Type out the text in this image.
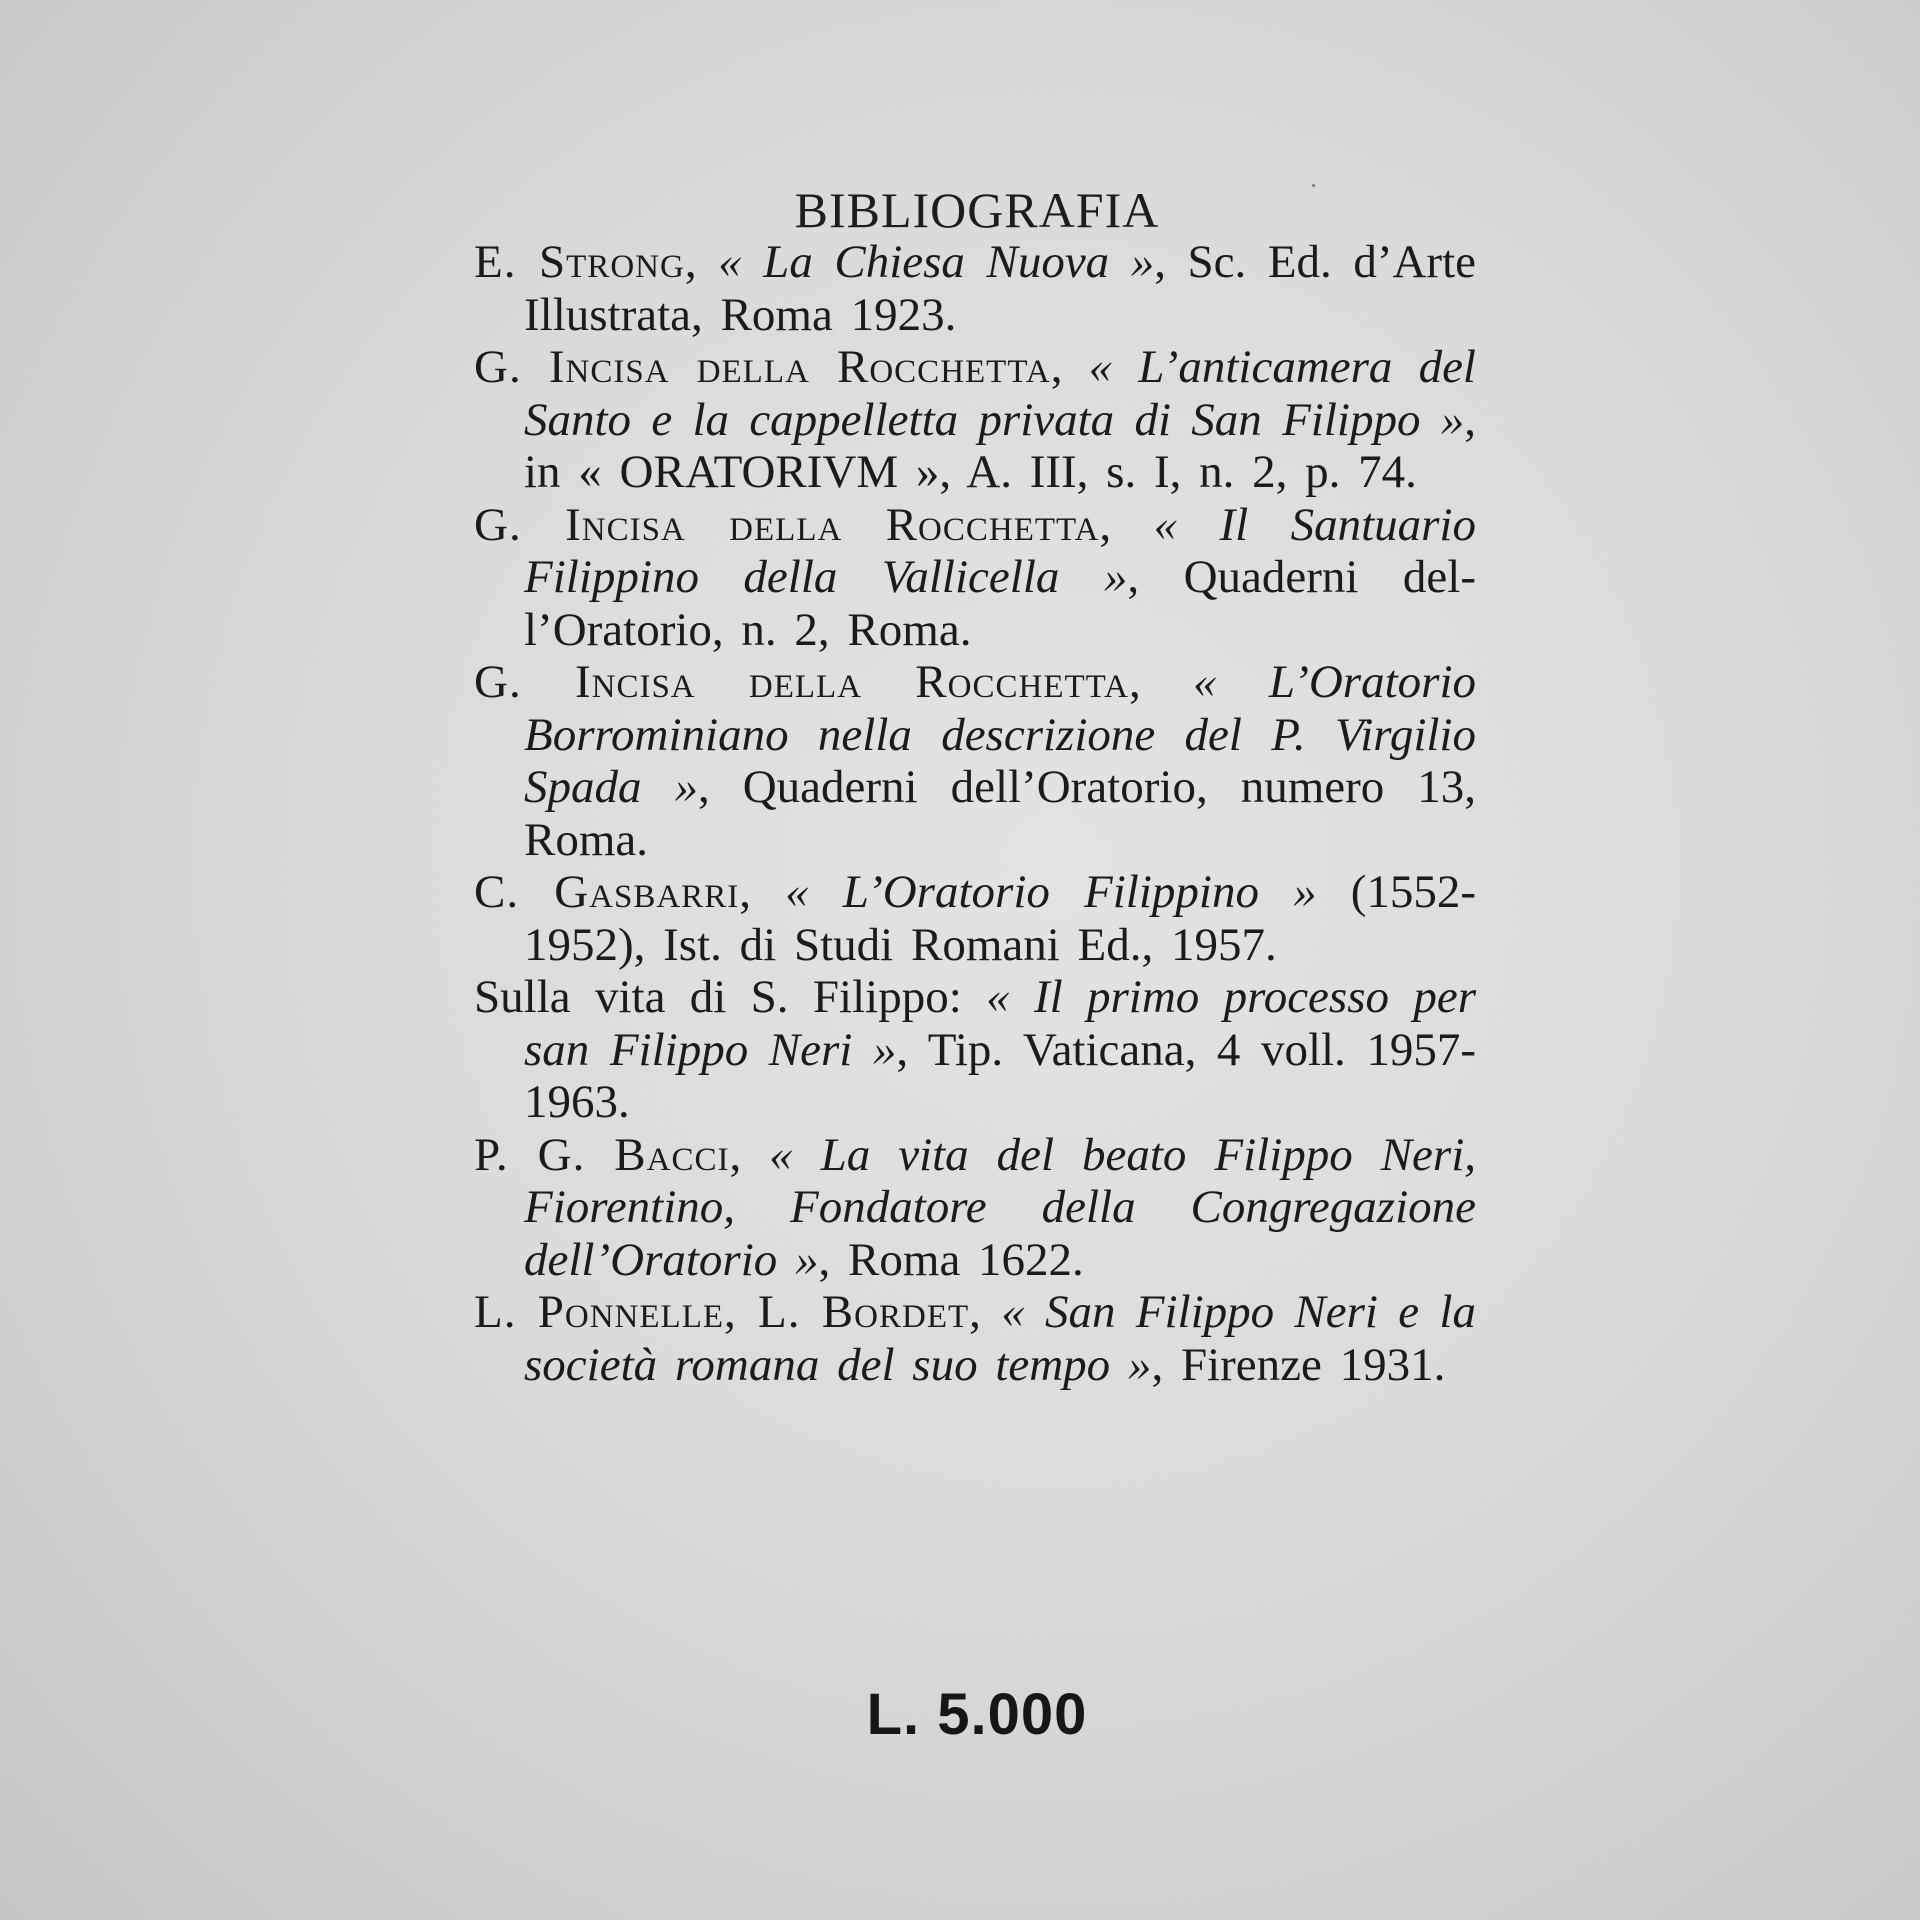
BIBLIOGRAFIA
E. Strong, « La Chiesa Nuova », Sc. Ed. d’Arte Illustrata, Roma 1923.
G. Incisa della Rocchetta, « L’anticamera del Santo e la cappelletta privata di San Filippo », in « ORATORIVM », A. III, s. I, n. 2, p. 74.
G. Incisa della Rocchetta, « Il Santuario Filippino della Vallicella », Quaderni dell’Oratorio, n. 2, Roma.
G. Incisa della Rocchetta, « L’Oratorio Borrominiano nella descrizione del P. Virgilio Spada », Quaderni dell’Oratorio, numero 13, Roma.
C. Gasbarri, « L’Oratorio Filippino » (1552-1952), Ist. di Studi Romani Ed., 1957.
Sulla vita di S. Filippo: « Il primo processo per san Filippo Neri », Tip. Vaticana, 4 voll. 1957-1963.
P. G. Bacci, « La vita del beato Filippo Neri, Fiorentino, Fondatore della Congregazione dell’Oratorio », Roma 1622.
L. Ponnelle, L. Bordet, « San Filippo Neri e la società romana del suo tempo », Firenze 1931.
L. 5.000
